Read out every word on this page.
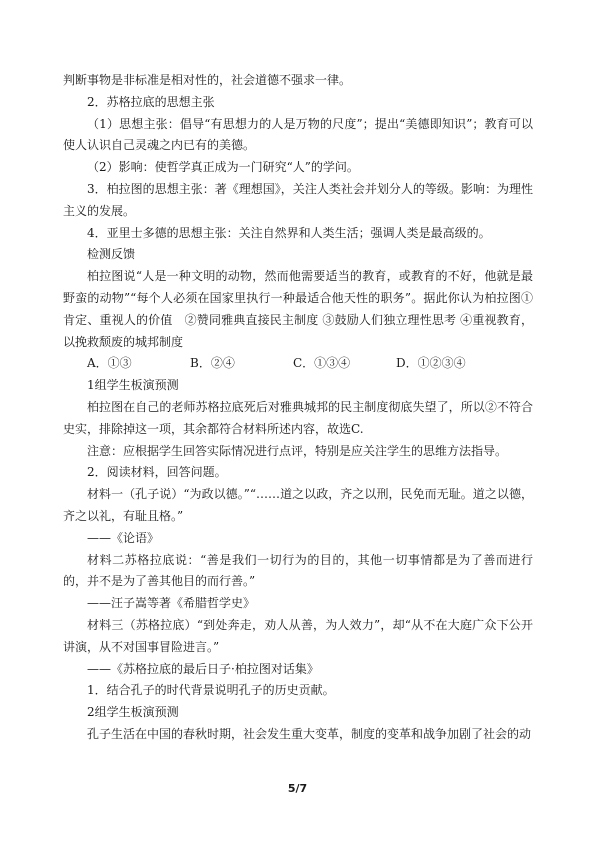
判断事物是非标准是相对性的，社会道德不强求一律。

2．苏格拉底的思想主张

（1）思想主张：倡导“有思想力的人是万物的尺度”；提出“美德即知识”；教育可以使人认识自己灵魂之内已有的美德。

（2）影响：使哲学真正成为一门研究“人”的学问。

3．柏拉图的思想主张：著《理想国》，关注人类社会并划分人的等级。影响：为理性主义的发展。

4．亚里士多德的思想主张：关注自然界和人类生活；强调人类是最高级的。

检测反馈

柏拉图说“人是一种文明的动物，然而他需要适当的教育，或教育的不好，他就是最野蛮的动物”“每个人必须在国家里执行一种最适合他天性的职务”。据此你认为柏拉图①肯定、重视人的价值　②赞同雅典直接民主制度 ③鼓励人们独立理性思考 ④重视教育，以挽救颓废的城邦制度

A．①③	B．②④	C．①③④	D．①②③④

1组学生板演预测

柏拉图在自己的老师苏格拉底死后对雅典城邦的民主制度彻底失望了，所以②不符合史实，排除掉这一项，其余都符合材料所述内容，故选C.

注意：应根据学生回答实际情况进行点评，特别是应关注学生的思维方法指导。

2．阅读材料，回答问题。

材料一（孔子说）“为政以德。”“……道之以政，齐之以刑，民免而无耻。道之以德，齐之以礼，有耻且格。”

——《论语》

材料二苏格拉底说：“善是我们一切行为的目的，其他一切事情都是为了善而进行的，并不是为了善其他目的而行善。”

——汪子嵩等著《希腊哲学史》

材料三（苏格拉底）“到处奔走，劝人从善，为人效力”，却“从不在大庭广众下公开讲演，从不对国事冒险进言。”

——《苏格拉底的最后日子·柏拉图对话集》

1．结合孔子的时代背景说明孔子的历史贡献。

2组学生板演预测

孔子生活在中国的春秋时期，社会发生重大变革，制度的变革和战争加剧了社会的动

5/7
